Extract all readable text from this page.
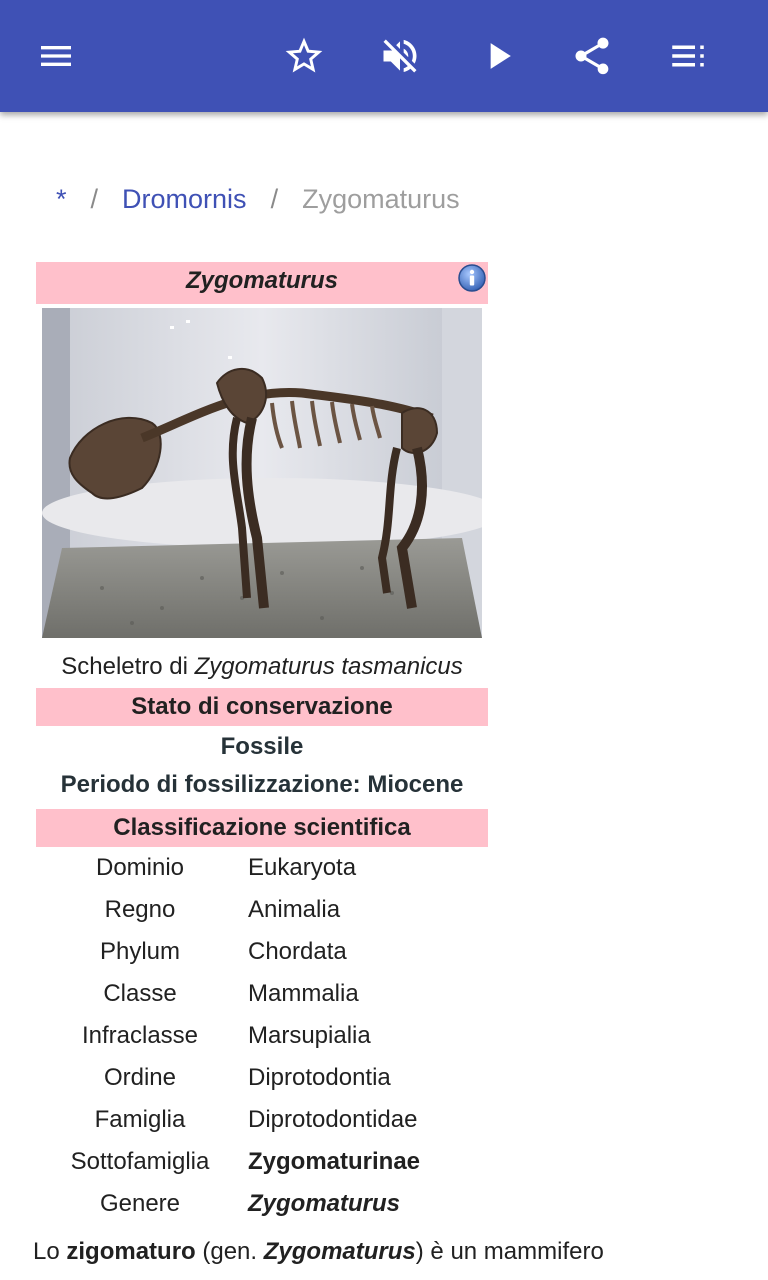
* / Dromornis / Zygomaturus
Zygomaturus
Scheletro di Zygomaturus tasmanicus
Stato di conservazione
Fossile
Periodo di fossilizzazione: Miocene
Classificazione scientifica
Dominio	Eukaryota
Regno	Animalia
Phylum	Chordata
Classe	Mammalia
Infraclasse	Marsupialia
Ordine	Diprotodontia
Famiglia	Diprotodontidae
Sottofamiglia	Zygomaturinae
Genere	Zygomaturus
Lo zigomaturo (gen. Zygomaturus) è un mammifero
